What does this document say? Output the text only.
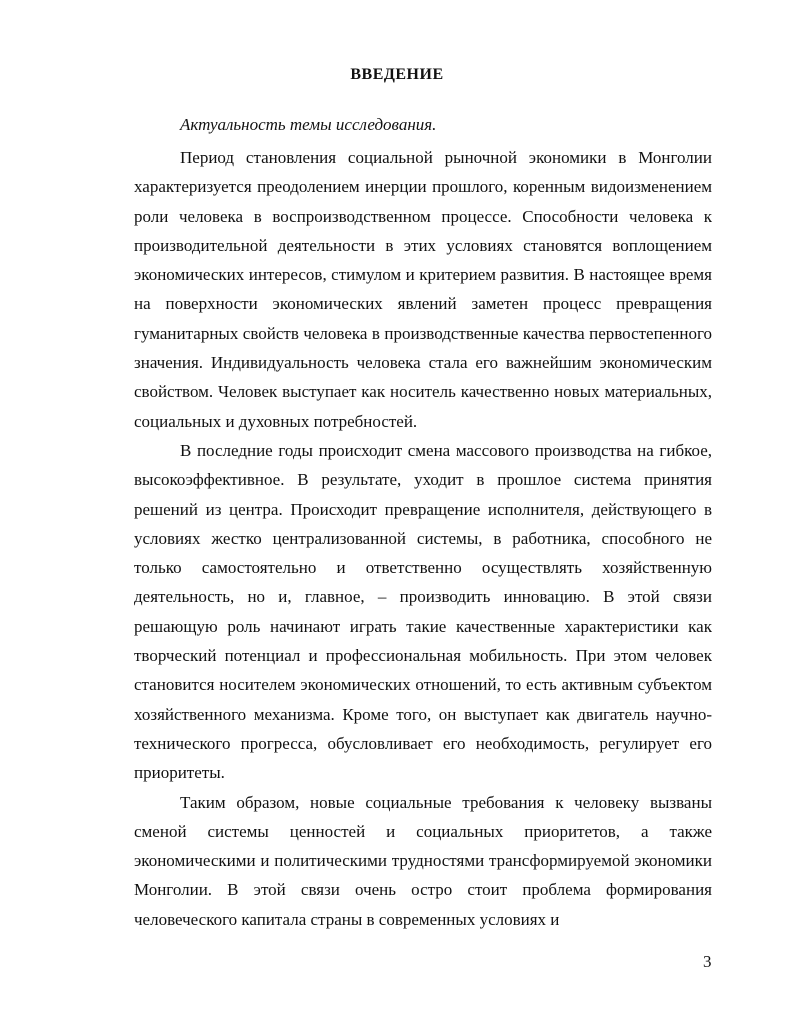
ВВЕДЕНИЕ
Актуальность темы исследования.

Период становления социальной рыночной экономики в Монголии характеризуется преодолением инерции прошлого, коренным видоизменением роли человека в воспроизводственном процессе. Способности человека к производительной деятельности в этих условиях становятся воплощением экономических интересов, стимулом и критерием развития. В настоящее время на поверхности экономических явлений заметен процесс превращения гуманитарных свойств человека в производственные качества первостепенного значения. Индивидуальность человека стала его важнейшим экономическим свойством. Человек выступает как носитель качественно новых материальных, социальных и духовных потребностей.

В последние годы происходит смена массового производства на гибкое, высокоэффективное. В результате, уходит в прошлое система принятия решений из центра. Происходит превращение исполнителя, действующего в условиях жестко централизованной системы, в работника, способного не только самостоятельно и ответственно осуществлять хозяйственную деятельность, но и, главное, – производить инновацию. В этой связи решающую роль начинают играть такие качественные характеристики как творческий потенциал и профессиональная мобильность. При этом человек становится носителем экономических отношений, то есть активным субъектом хозяйственного механизма. Кроме того, он выступает как двигатель научно-технического прогресса, обусловливает его необходимость, регулирует его приоритеты.

Таким образом, новые социальные требования к человеку вызваны сменой системы ценностей и социальных приоритетов, а также экономическими и политическими трудностями трансформируемой экономики Монголии. В этой связи очень остро стоит проблема формирования человеческого капитала страны в современных условиях и

3
